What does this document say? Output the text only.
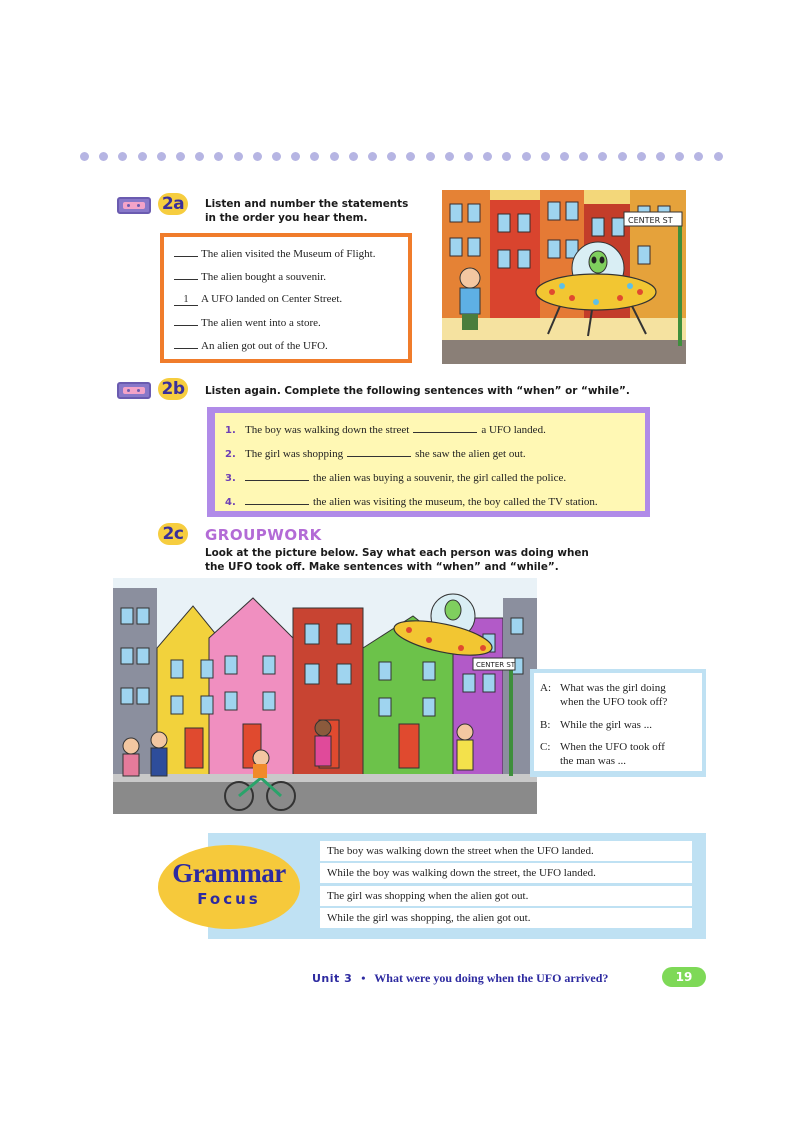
2a	Listen and number the statements
in the order you hear them.
The alien visited the Museum of Flight.
The alien bought a souvenir.
1 A UFO landed on Center Street.
The alien went into a store.
An alien got out of the UFO.
CENTER ST
2b	Listen again. Complete the following sentences with “when” or “while”.
1. The boy was walking down the street	a UFO landed.
2. The girl was shopping	she saw the alien get out.
3.	the alien was buying a souvenir, the girl called the police.
4.	the alien was visiting the museum, the boy called the TV station.
2c	GROUPWORK
Look at the picture below. Say what each person was doing when
the UFO took off. Make sentences with “when” and “while”.
CENTER ST
A: What was the girl doing
when the UFO took off?
B: While the girl was ...
C: When the UFO took off
the man was ...
The boy was walking down the street when the UFO landed.
While the boy was walking down the street, the UFO landed.
The girl was shopping when the alien got out.
While the girl was shopping, the alien got out.
Grammar
Focus
Unit 3 • What were you doing when the UFO arrived?	19
